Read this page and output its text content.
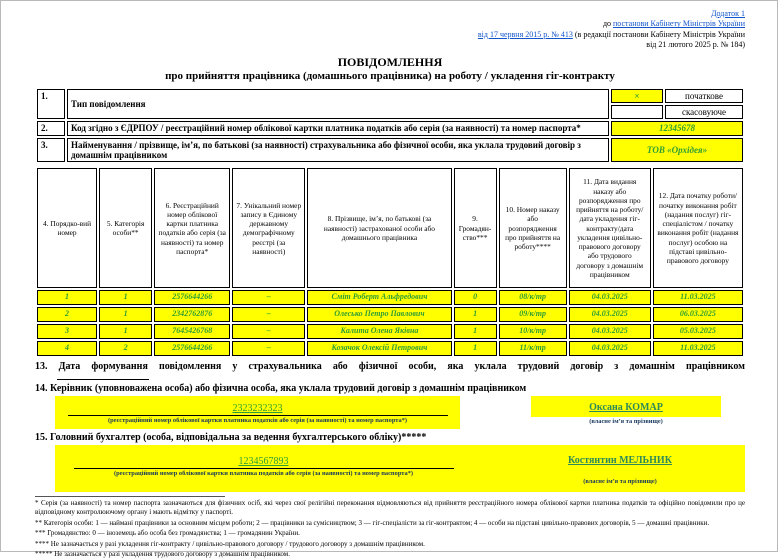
Додаток 1
до постанови Кабінету Міністрів України
від 17 червня 2015 р. № 413 (в редакції постанови Кабінету Міністрів України
від 21 лютого 2025 р. № 184)
ПОВІДОМЛЕННЯ
про прийняття працівника (домашнього працівника) на роботу / укладення гіг-контракту
1.	Тип повідомлення	×	початкове
			скасовуюче
2.	Код згідно з ЄДРПОУ / реєстраційний номер облікової картки платника податків або серія (за наявності) та номер паспорта*	12345678	
3.	Найменування / прізвище, ім’я, по батькові (за наявності) страхувальника або фізичної особи, яка уклала трудовий договір з домашнім працівником	ТОВ «Орхідея»	
4. Порядко-вий номер	5. Категорія особи**	6. Реєстраційний номер облікової картки платника податків або серія (за наявності) та номер паспорта*	7. Унікальний номер запису в Єдиному державному демографічному реєстрі (за наявності)	8. Прізвище, ім’я, по батькові (за наявності) застрахованої особи або домашнього працівника	9. Громадянство***	10. Номер наказу або розпорядження про прийняття на роботу****	11. Дата видання наказу або розпорядження про прийняття на роботу/ дата укладення гіг-контракту/дата укладення цивільно-правового договору або трудового договору з домашнім працівником	12. Дата початку роботи/початку виконання робіт (надання послуг) гіг-спеціалістом / початку виконання робіт (надання послуг) особою на підставі цивільно-правового договору
1	1	2576644266	–	Сміт Роберт Альфредович	0	08/к/тр	04.03.2025	11.03.2025
2	1	2342762876	–	Олесько Петро Павлович	1	09/к/тр	04.03.2025	06.03.2025
3	1	7645426768	–	Калита Олена Яківна	1	10/к/тр	04.03.2025	05.03.2025
4	2	2576644266	–	Козачок Олексій Петрович	1	11/к/тр	04.03.2025	11.03.2025
13. Дата формування повідомлення у страхувальника або фізичної особи, яка уклала трудовий договір з домашнім працівником
14. Керівник (уповноважена особа) або фізична особа, яка уклала трудовий договір з домашнім працівником
2323232323
(реєстраційний номер облікової картки платника податків або серія (за наявності) та номер паспорта*)
Оксана КОМАР
(власне ім’я та прізвище)
15. Головний бухгалтер (особа, відповідальна за ведення бухгалтерського обліку)*****
1234567893
(реєстраційний номер облікової картки платника податків або серія (за наявності) та номер паспорта*)
Костянтин МЕЛЬНИК
(власне ім’я та прізвище)
* Серія (за наявності) та номер паспорта зазначаються для фізичних осіб, які через свої релігійні переконання відмовляються від прийняття реєстраційного номера облікової картки платника податків та офіційно повідомили про це відповідному контролюючому органу і мають відмітку у паспорті.
** Категорія особи: 1 — наймані працівники за основним місцем роботи; 2 — працівники за сумісництвом; 3 — гіг-спеціалісти за гіг-контрактом; 4 — особи на підставі цивільно-правових договорів, 5 — домашні працівники.
*** Громадянство: 0 — іноземець або особа без громадянства; 1 — громадянин України.
**** Не зазначається у разі укладення гіг-контракту / цивільно-правового договору / трудового договору з домашнім працівником.
***** Не зазначається у разі укладення трудового договору з домашнім працівником.
